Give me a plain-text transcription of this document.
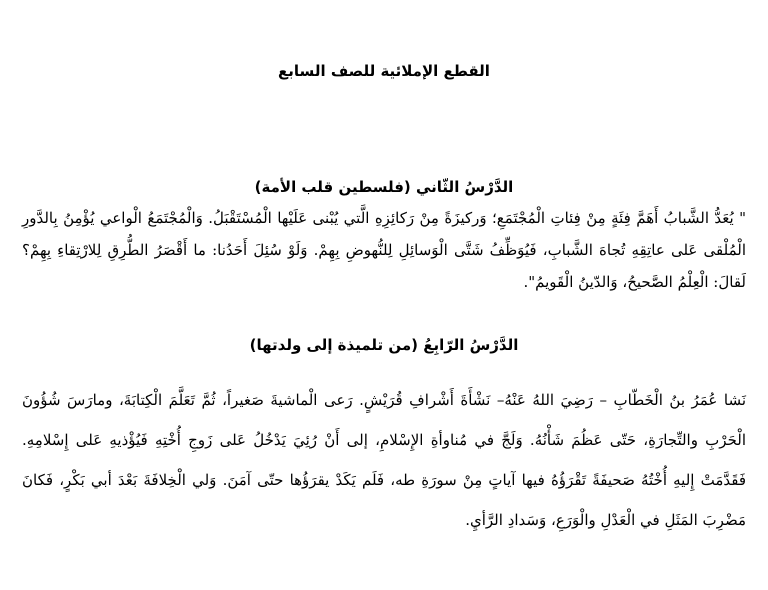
القطع الإملائية للصف السابع
الدَّرْسُ الثّاني (فلسطين قلب الأمة)

" يُعَدُّ الشَّبابُ أَهَمَّ فِئَةٍ مِنْ فِئاتِ الْمُجْتَمَعِ؛ وَركيزَةً مِنْ رَكائِزِهِ الَّتي يُبْنى عَلَيْها الْمُسْتَقْبَلُ. وَالْمُجْتَمَعُ الْواعي يُؤْمِنُ بِالدَّورِ الْمُلْقى عَلى عاتِقِهِ تُجاهَ الشَّبابِ، فَيُوَظِّفُ شَتَّى الْوَسائِلِ لِلنُّهوضِ بِهِمْ. وَلَوْ سُئِلَ أَحَدُنا: ما أَقْصَرُ الطُّرِقِ لِلارْتِقاءِ بِهِمْ؟ لَقالَ: الْعِلْمُ الصَّحيحُ، وَالدّينُ الْقَويمُ".

الدَّرْسُ الرّابِعُ (من تلميذة إلى ولدتها)

نَشا عُمَرُ بنُ الْخَطّابِ – رَضِيَ اللهُ عَنْهُ– نَشْأَةَ أَشْرافِ قُرَيْشٍ. رَعى الْماشيةَ صَغيراً، ثُمَّ تَعَلَّمَ الْكِتابَةَ، ومارَسَ شُؤُونَ الْحَرْبِ والتِّجارَةِ، حَتّى عَظُمَ شَأْنُهُ. وَلَجَّ في مُناوأةِ الإِسْلامِ، إلى أَنْ رُئِيَ يَدْخُلُ عَلى زَوجِ أُخْتِهِ فَيُؤْذيهِ عَلى إِسْلامِهِ. فَقَدَّمَتْ إِليهِ أُخْتُهُ صَحيفَةً تَقْرَؤُهُ فيها آياتٍ مِنْ سورَةِ طه، فَلَم يَكَدْ يقرَؤُها حتّى آمَنَ. وَلي الْخِلافَةَ بَعْدَ أبي بَكْرٍ، فَكانَ مَضْرِبَ المَثَلِ في الْعَدْلِ والْوَرَعِ، وَسَدادِ الرَّأيِ.
